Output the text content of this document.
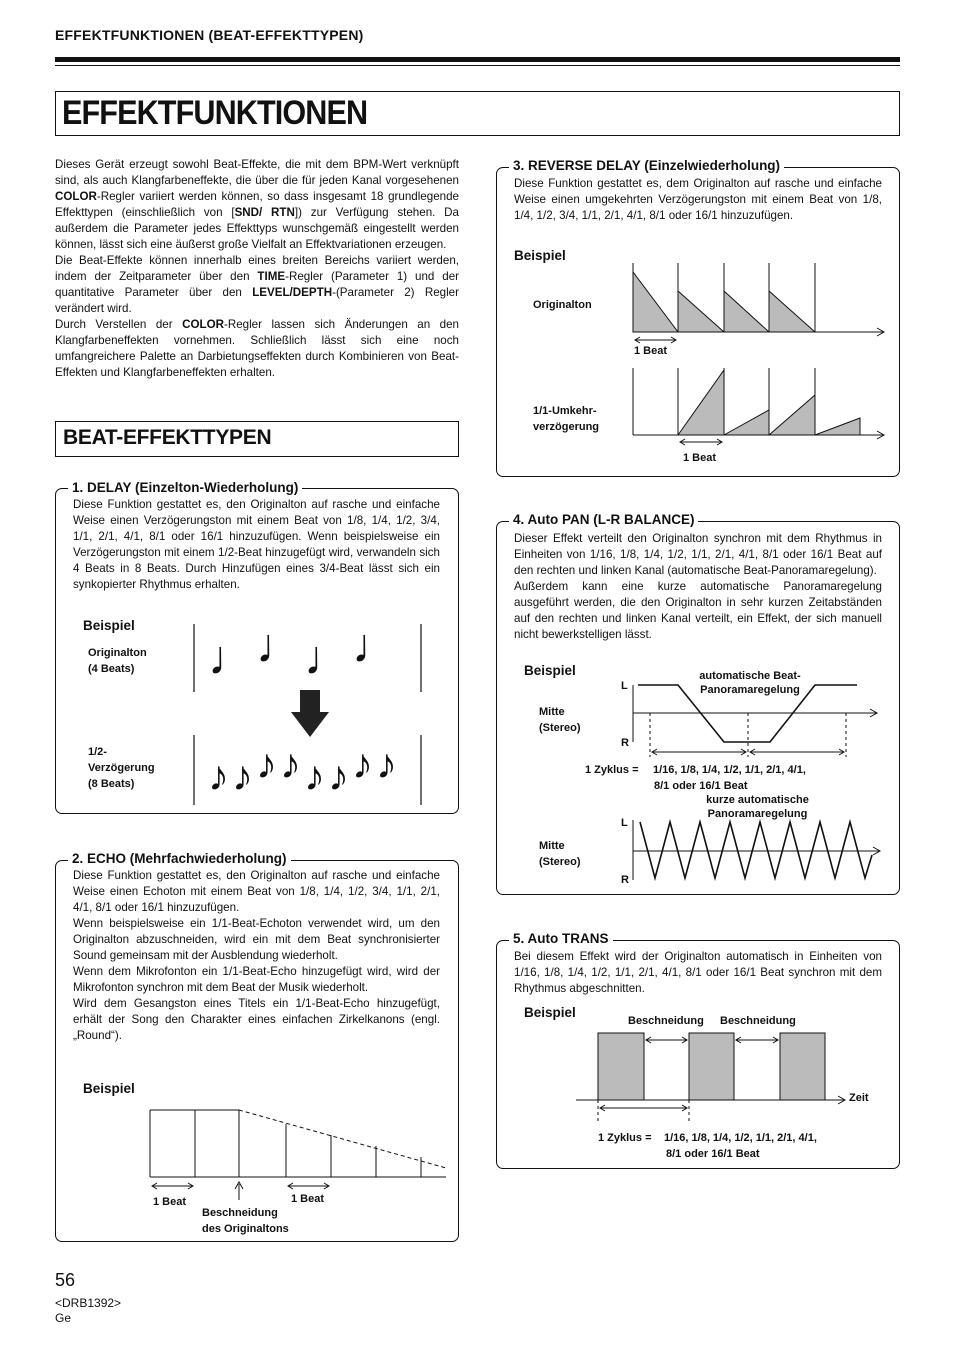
EFFEKTFUNKTIONEN (BEAT-EFFEKTTYPEN)
EFFEKTFUNKTIONEN

Dieses Gerät erzeugt sowohl Beat-Effekte, die mit dem BPM-Wert verknüpft sind, als auch Klangfarbeneffekte, die über die für jeden Kanal vorgesehenen COLOR-Regler variiert werden können, so dass insgesamt 18 grundlegende Effekttypen (einschließlich von [SND/ RTN]) zur Verfügung stehen. Da außerdem die Parameter jedes Effekttyps wunschgemäß eingestellt werden können, lässt sich eine äußerst große Vielfalt an Effektvariationen erzeugen.

Die Beat-Effekte können innerhalb eines breiten Bereichs variiert werden, indem der Zeitparameter über den TIME-Regler (Parameter 1) und der quantitative Parameter über den LEVEL/DEPTH-(Parameter 2) Regler verändert wird.

Durch Verstellen der COLOR-Regler lassen sich Änderungen an den Klangfarbeneffekten vornehmen. Schließlich lässt sich eine noch umfangreichere Palette an Darbietungseffekten durch Kombinieren von Beat-Effekten und Klangfarbeneffekten erhalten.

BEAT-EFFEKTTYPEN
1. DELAY (Einzelton-Wiederholung)
Diese Funktion gestattet es, den Originalton auf rasche und einfache Weise einen Verzögerungston mit einem Beat von 1/8, 1/4, 1/2, 3/4, 1/1, 2/1, 4/1, 8/1 oder 16/1 hinzuzufügen. Wenn beispielsweise ein Verzögerungston mit einem 1/2-Beat hinzugefügt wird, verwandeln sich 4 Beats in 8 Beats. Durch Hinzufügen eines 3/4-Beat lässt sich ein synkopierter Rhythmus erhalten.
Beispiel
Originalton
(4 Beats)
1/2-
Verzögerung
(8 Beats)
♩ ♩ ♩ ♩
♪ ♪ ♪ ♪ ♪ ♪ ♪ ♪
2. ECHO (Mehrfachwiederholung)

Diese Funktion gestattet es, den Originalton auf rasche und einfache Weise einen Echoton mit einem Beat von 1/8, 1/4, 1/2, 3/4, 1/1, 2/1, 4/1, 8/1 oder 16/1 hinzuzufügen.

Wenn beispielsweise ein 1/1-Beat-Echoton verwendet wird, um den Originalton abzuschneiden, wird ein mit dem Beat synchronisierter Sound gemeinsam mit der Ausblendung wiederholt.

Wenn dem Mikrofonton ein 1/1-Beat-Echo hinzugefügt wird, wird der Mikrofonton synchron mit dem Beat der Musik wiederholt.

Wird dem Gesangston eines Titels ein 1/1-Beat-Echo hinzugefügt, erhält der Song den Charakter eines einfachen Zirkelkanons (engl. „Round“).

Beispiel
1 Beat	1 Beat
Beschneidung
des Originaltons
3. REVERSE DELAY (Einzelwiederholung)
Diese Funktion gestattet es, dem Originalton auf rasche und einfache Weise einen umgekehrten Verzögerungston mit einem Beat von 1/8, 1/4, 1/2, 3/4, 1/1, 2/1, 4/1, 8/1 oder 16/1 hinzuzufügen.
Beispiel
Originalton
1 Beat
1/1-Umkehr-
verzögerung
1 Beat
4. Auto PAN (L-R BALANCE)

Dieser Effekt verteilt den Originalton synchron mit dem Rhythmus in Einheiten von 1/16, 1/8, 1/4, 1/2, 1/1, 2/1, 4/1, 8/1 oder 16/1 Beat auf den rechten und linken Kanal (automatische Beat-Panoramaregelung).

Außerdem kann eine kurze automatische Panoramaregelung ausgeführt werden, die den Originalton in sehr kurzen Zeitabständen auf den rechten und linken Kanal verteilt, ein Effekt, der sich manuell nicht bewerkstelligen lässt.

Beispiel	automatische Beat-
Panoramaregelung
L
Mitte
(Stereo)
R
1 Zyklus = 1/16, 1/8, 1/4, 1/2, 1/1, 2/1, 4/1,
8/1 oder 16/1 Beat
kurze automatische
Panoramaregelung
L
Mitte
(Stereo)
R
5. Auto TRANS
Bei diesem Effekt wird der Originalton automatisch in Einheiten von 1/16, 1/8, 1/4, 1/2, 1/1, 2/1, 4/1, 8/1 oder 16/1 Beat synchron mit dem Rhythmus abgeschnitten.
Beispiel
Beschneidung Beschneidung
Zeit
1 Zyklus = 1/16, 1/8, 1/4, 1/2, 1/1, 2/1, 4/1,
8/1 oder 16/1 Beat
56
<DRB1392>
Ge
